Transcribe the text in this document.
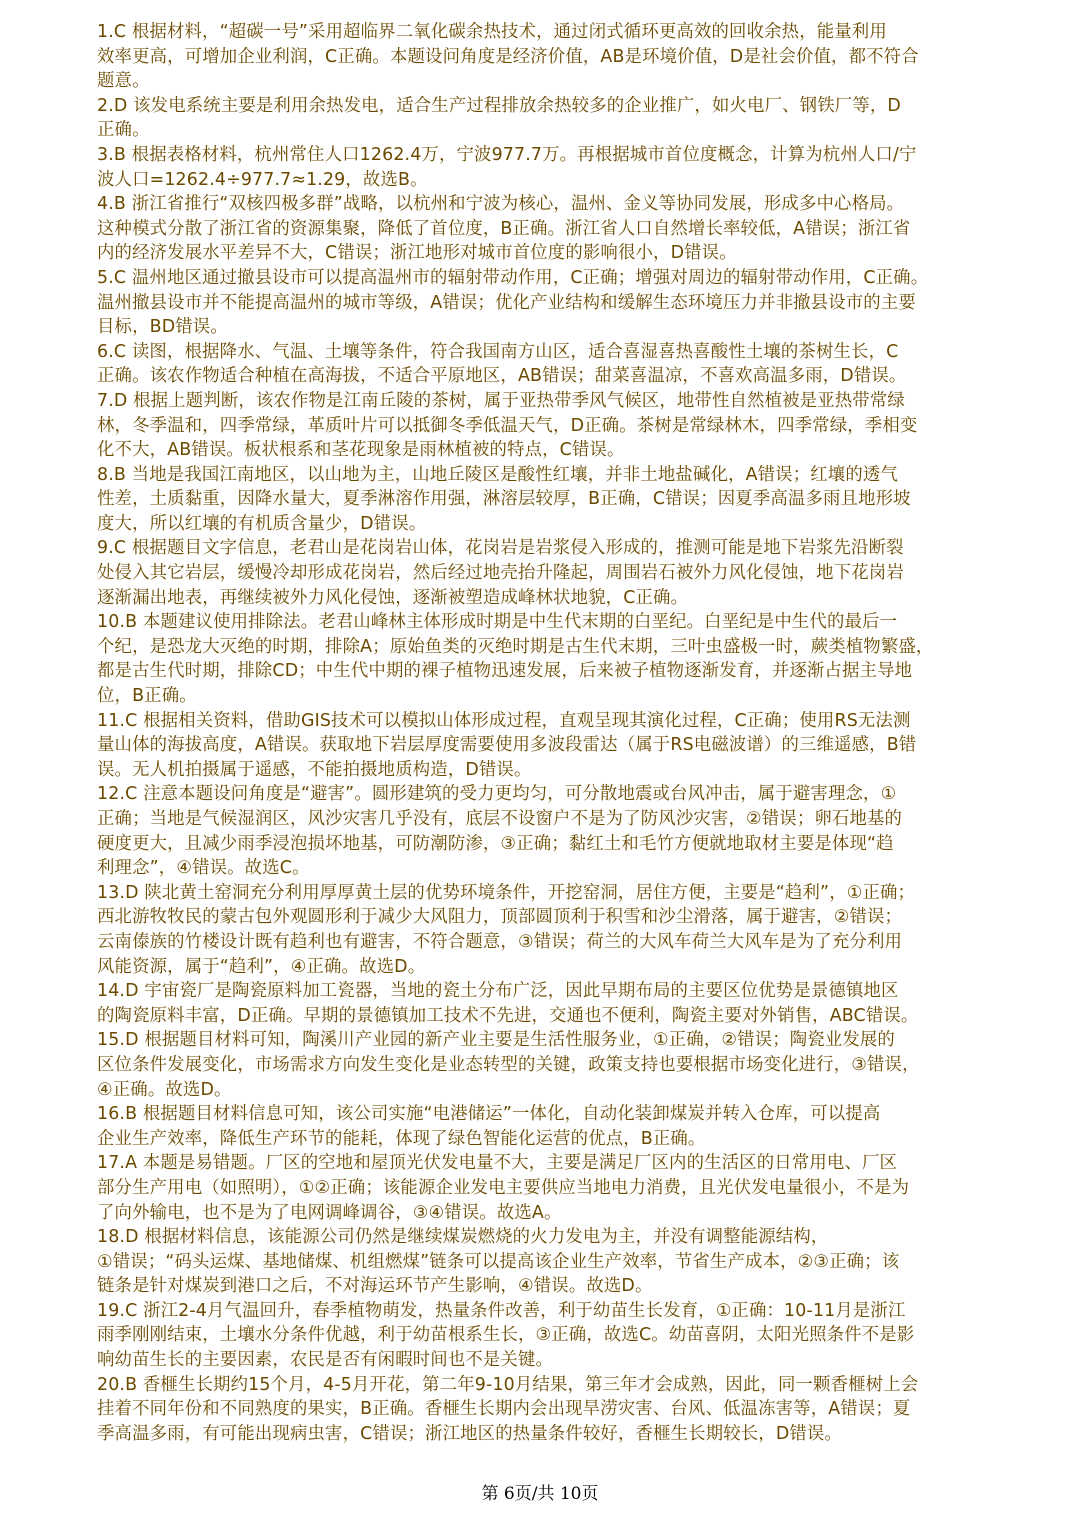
1.C 根据材料，“超碳一号”采用超临界二氧化碳余热技术，通过闭式循环更高效的回收余热，能量利用
效率更高，可增加企业利润，C正确。本题设问角度是经济价值，AB是环境价值，D是社会价值，都不符合
题意。
2.D 该发电系统主要是利用余热发电，适合生产过程排放余热较多的企业推广，如火电厂、钢铁厂等，D
正确。
3.B 根据表格材料，杭州常住人口1262.4万，宁波977.7万。再根据城市首位度概念，计算为杭州人口/宁
波人口=1262.4÷977.7≈1.29，故选B。
4.B 浙江省推行“双核四极多群”战略，以杭州和宁波为核心，温州、金义等协同发展，形成多中心格局。
这种模式分散了浙江省的资源集聚，降低了首位度，B正确。浙江省人口自然增长率较低，A错误；浙江省
内的经济发展水平差异不大，C错误；浙江地形对城市首位度的影响很小，D错误。
5.C 温州地区通过撤县设市可以提高温州市的辐射带动作用，C正确；增强对周边的辐射带动作用，C正确。
温州撤县设市并不能提高温州的城市等级，A错误；优化产业结构和缓解生态环境压力并非撤县设市的主要
目标，BD错误。
6.C 读图，根据降水、气温、土壤等条件，符合我国南方山区，适合喜湿喜热喜酸性土壤的茶树生长，C
正确。该农作物适合种植在高海拔，不适合平原地区，AB错误；甜菜喜温凉，不喜欢高温多雨，D错误。
7.D 根据上题判断，该农作物是江南丘陵的茶树，属于亚热带季风气候区，地带性自然植被是亚热带常绿
林，冬季温和，四季常绿，革质叶片可以抵御冬季低温天气，D正确。茶树是常绿林木，四季常绿，季相变
化不大，AB错误。板状根系和茎花现象是雨林植被的特点，C错误。
8.B 当地是我国江南地区，以山地为主，山地丘陵区是酸性红壤，并非土地盐碱化，A错误；红壤的透气
性差，土质黏重，因降水量大，夏季淋溶作用强，淋溶层较厚，B正确，C错误；因夏季高温多雨且地形坡
度大，所以红壤的有机质含量少，D错误。
9.C 根据题目文字信息，老君山是花岗岩山体，花岗岩是岩浆侵入形成的，推测可能是地下岩浆先沿断裂
处侵入其它岩层，缓慢冷却形成花岗岩，然后经过地壳抬升隆起，周围岩石被外力风化侵蚀，地下花岗岩
逐渐漏出地表，再继续被外力风化侵蚀，逐渐被塑造成峰林状地貌，C正确。
10.B 本题建议使用排除法。老君山峰林主体形成时期是中生代末期的白垩纪。白垩纪是中生代的最后一
个纪，是恐龙大灭绝的时期，排除A；原始鱼类的灭绝时期是古生代末期，三叶虫盛极一时，蕨类植物繁盛，
都是古生代时期，排除CD；中生代中期的裸子植物迅速发展，后来被子植物逐渐发育，并逐渐占据主导地
位，B正确。
11.C 根据相关资料，借助GIS技术可以模拟山体形成过程，直观呈现其演化过程，C正确；使用RS无法测
量山体的海拔高度，A错误。获取地下岩层厚度需要使用多波段雷达（属于RS电磁波谱）的三维遥感，B错
误。无人机拍摄属于遥感，不能拍摄地质构造，D错误。
12.C 注意本题设问角度是“避害”。圆形建筑的受力更均匀，可分散地震或台风冲击，属于避害理念，①
正确；当地是气候湿润区，风沙灾害几乎没有，底层不设窗户不是为了防风沙灾害，②错误；卵石地基的
硬度更大，且减少雨季浸泡损坏地基，可防潮防渗，③正确；黏红土和毛竹方便就地取材主要是体现“趋
利理念”，④错误。故选C。
13.D 陕北黄土窑洞充分利用厚厚黄土层的优势环境条件，开挖窑洞，居住方便，主要是“趋利”，①正确；
西北游牧牧民的蒙古包外观圆形利于减少大风阻力，顶部圆顶利于积雪和沙尘滑落，属于避害，②错误；
云南傣族的竹楼设计既有趋利也有避害，不符合题意，③错误；荷兰的大风车荷兰大风车是为了充分利用
风能资源，属于“趋利”，④正确。故选D。
14.D 宇宙瓷厂是陶瓷原料加工瓷器，当地的瓷土分布广泛，因此早期布局的主要区位优势是景德镇地区
的陶瓷原料丰富，D正确。早期的景德镇加工技术不先进，交通也不便利，陶瓷主要对外销售，ABC错误。
15.D 根据题目材料可知，陶溪川产业园的新产业主要是生活性服务业，①正确，②错误；陶瓷业发展的
区位条件发展变化，市场需求方向发生变化是业态转型的关键，政策支持也要根据市场变化进行，③错误，
④正确。故选D。
16.B 根据题目材料信息可知，该公司实施“电港储运”一体化，自动化装卸煤炭并转入仓库，可以提高
企业生产效率，降低生产环节的能耗，体现了绿色智能化运营的优点，B正确。
17.A 本题是易错题。厂区的空地和屋顶光伏发电量不大，主要是满足厂区内的生活区的日常用电、厂区
部分生产用电（如照明），①②正确；该能源企业发电主要供应当地电力消费，且光伏发电量很小，不是为
了向外输电，也不是为了电网调峰调谷，③④错误。故选A。
18.D 根据材料信息，该能源公司仍然是继续煤炭燃烧的火力发电为主，并没有调整能源结构，
①错误；“码头运煤、基地储煤、机组燃煤”链条可以提高该企业生产效率，节省生产成本，②③正确；该
链条是针对煤炭到港口之后，不对海运环节产生影响，④错误。故选D。
19.C 浙江2-4月气温回升，春季植物萌发，热量条件改善，利于幼苗生长发育，①正确：10-11月是浙江
雨季刚刚结束，土壤水分条件优越，利于幼苗根系生长，③正确，故选C。幼苗喜阴，太阳光照条件不是影
响幼苗生长的主要因素，农民是否有闲暇时间也不是关键。
20.B 香榧生长期约15个月，4-5月开花，第二年9-10月结果，第三年才会成熟，因此，同一颗香榧树上会
挂着不同年份和不同熟度的果实，B正确。香榧生长期内会出现旱涝灾害、台风、低温冻害等，A错误；夏
季高温多雨，有可能出现病虫害，C错误；浙江地区的热量条件较好，香榧生长期较长，D错误。
第 6页/共 10页
